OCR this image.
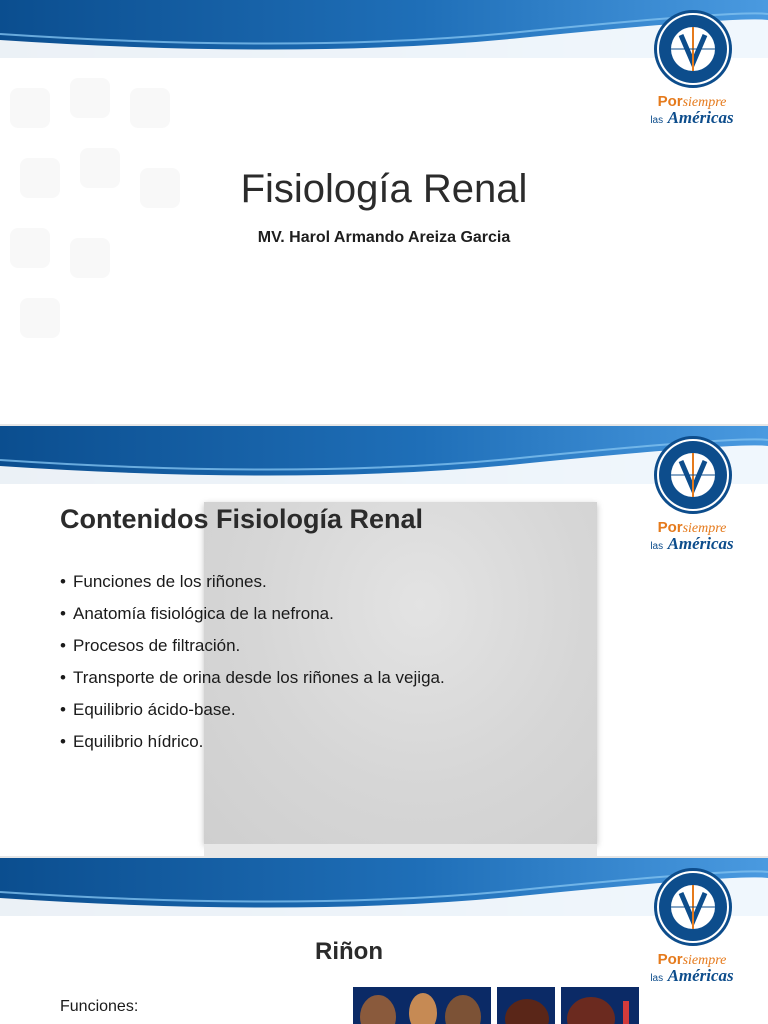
Porsiempre
las Américas
Fisiología Renal
MV. Harol Armando Areiza Garcia
Porsiempre
las Américas
Contenidos Fisiología Renal
• Funciones de los riñones.
• Anatomía fisiológica de la nefrona.
• Procesos de filtración.
• Transporte de orina desde los riñones a la vejiga.
• Equilibrio ácido-base.
• Equilibrio hídrico.
Porsiempre
las Américas
Riñon
Funciones:
